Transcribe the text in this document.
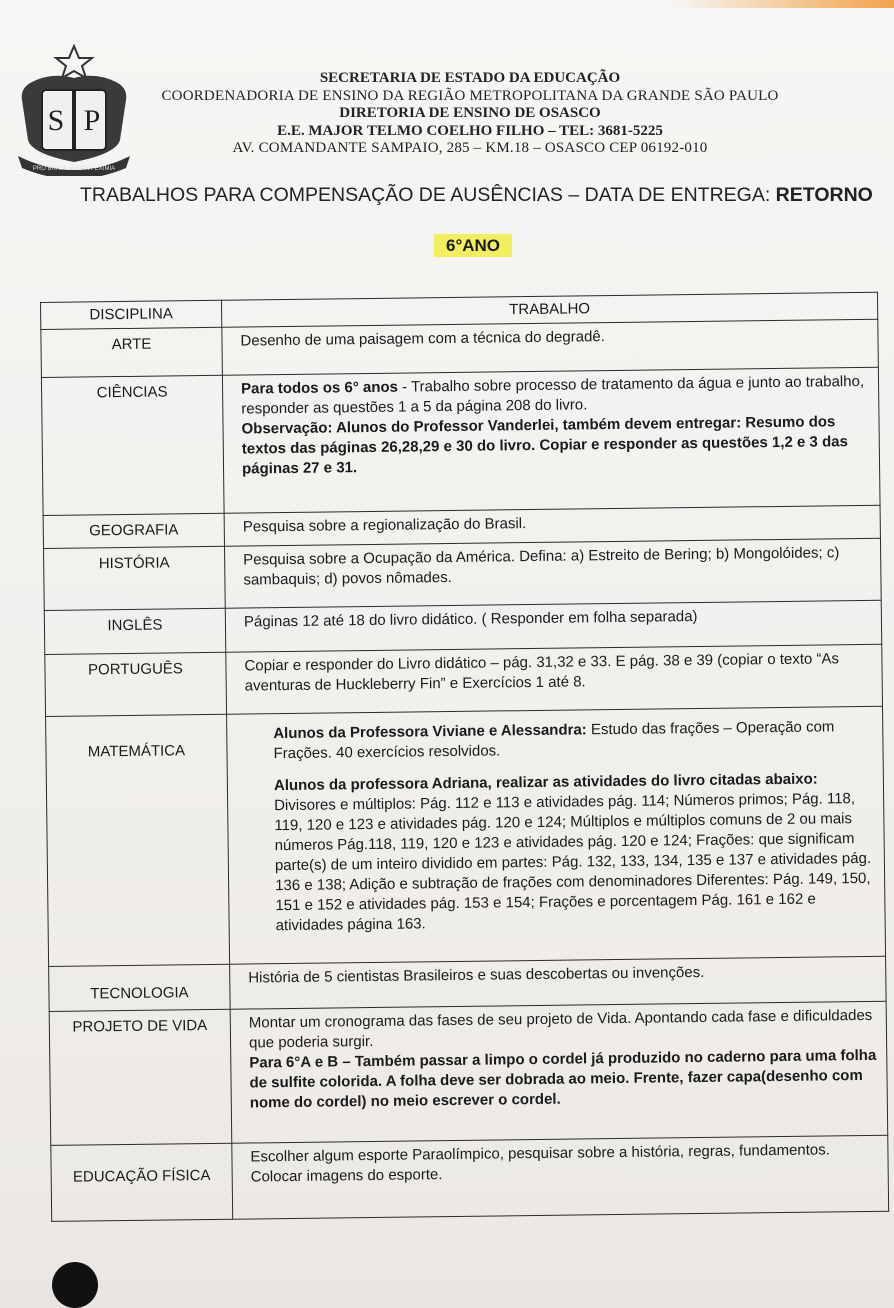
S P
PRO BRASILIA FIANT EXIMIA
SECRETARIA DE ESTADO DA EDUCAÇÃO
COORDENADORIA DE ENSINO DA REGIÃO METROPOLITANA DA GRANDE SÃO PAULO
DIRETORIA DE ENSINO DE OSASCO
E.E. MAJOR TELMO COELHO FILHO – TEL: 3681-5225
AV. COMANDANTE SAMPAIO, 285 – KM.18 – OSASCO CEP 06192-010
TRABALHOS PARA COMPENSAÇÃO DE AUSÊNCIAS – DATA DE ENTREGA: RETORNO
6°ANO
DISCIPLINA	TRABALHO
ARTE	Desenho de uma paisagem com a técnica do degradê.
CIÊNCIAS	Para todos os 6° anos - Trabalho sobre processo de tratamento da água e junto ao trabalho, responder as questões 1 a 5 da página 208 do livro.
Observação: Alunos do Professor Vanderlei, também devem entregar: Resumo dos textos das páginas 26,28,29 e 30 do livro. Copiar e responder as questões 1,2 e 3 das páginas 27 e 31.

GEOGRAFIA	Pesquisa sobre a regionalização do Brasil.
HISTÓRIA	Pesquisa sobre a Ocupação da América. Defina: a) Estreito de Bering; b) Mongolóides; c) sambaquis; d) povos nômades.
INGLÊS	Páginas 12 até 18 do livro didático. ( Responder em folha separada)
PORTUGUÊS	Copiar e responder do Livro didático – pág. 31,32 e 33. E pág. 38 e 39 (copiar o texto “As aventuras de Huckleberry Fin” e Exercícios 1 até 8.
MATEMÁTICA	Alunos da Professora Viviane e Alessandra: Estudo das frações – Operação com Frações. 40 exercícios resolvidos.
Alunos da professora Adriana, realizar as atividades do livro citadas abaixo: Divisores e múltiplos: Pág. 112 e 113 e atividades pág. 114; Números primos; Pág. 118, 119, 120 e 123 e atividades pág. 120 e 124; Múltiplos e múltiplos comuns de 2 ou mais números Pág.118, 119, 120 e 123 e atividades pág. 120 e 124; Frações: que significam parte(s) de um inteiro dividido em partes: Pág. 132, 133, 134, 135 e 137 e atividades pág. 136 e 138; Adição e subtração de frações com denominadores Diferentes: Pág. 149, 150, 151 e 152 e atividades pág. 153 e 154; Frações e porcentagem Pág. 161 e 162 e atividades página 163.
TECNOLOGIA	História de 5 cientistas Brasileiros e suas descobertas ou invenções.
PROJETO DE VIDA	Montar um cronograma das fases de seu projeto de Vida. Apontando cada fase e dificuldades que poderia surgir.
Para 6°A e B – Também passar a limpo o cordel já produzido no caderno para uma folha de sulfite colorida. A folha deve ser dobrada ao meio. Frente, fazer capa(desenho com nome do cordel) no meio escrever o cordel.

EDUCAÇÃO FÍSICA	Escolher algum esporte Paraolímpico, pesquisar sobre a história, regras, fundamentos. Colocar imagens do esporte.
